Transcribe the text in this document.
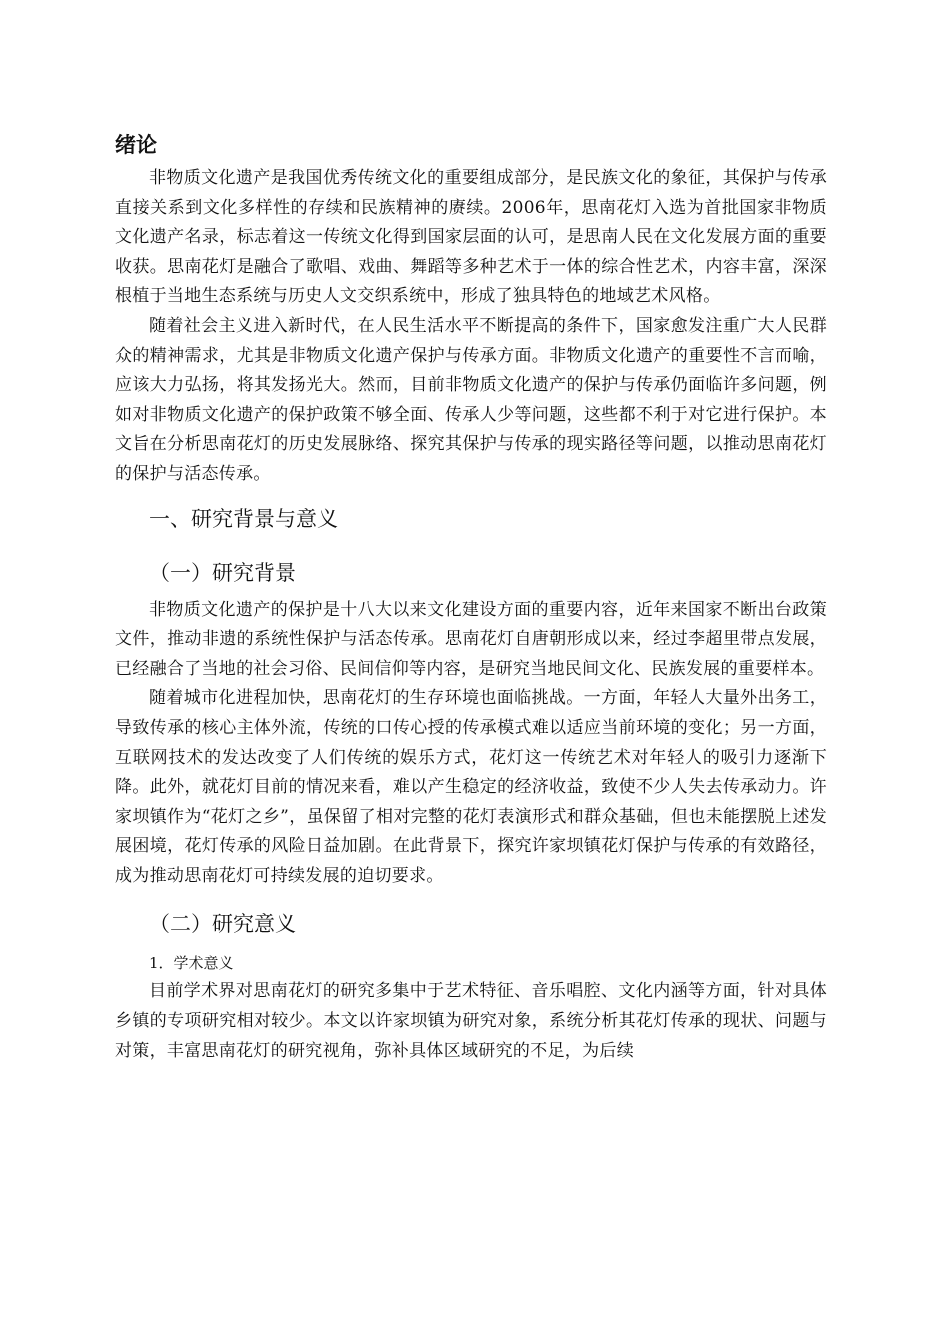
绪论

非物质文化遗产是我国优秀传统文化的重要组成部分，是民族文化的象征，其保护与传承直接关系到文化多样性的存续和民族精神的赓续。2006年，思南花灯入选为首批国家非物质文化遗产名录，标志着这一传统文化得到国家层面的认可，是思南人民在文化发展方面的重要收获。思南花灯是融合了歌唱、戏曲、舞蹈等多种艺术于一体的综合性艺术，内容丰富，深深根植于当地生态系统与历史人文交织系统中，形成了独具特色的地域艺术风格。

随着社会主义进入新时代，在人民生活水平不断提高的条件下，国家愈发注重广大人民群众的精神需求，尤其是非物质文化遗产保护与传承方面。非物质文化遗产的重要性不言而喻，应该大力弘扬，将其发扬光大。然而，目前非物质文化遗产的保护与传承仍面临许多问题，例如对非物质文化遗产的保护政策不够全面、传承人少等问题，这些都不利于对它进行保护。本文旨在分析思南花灯的历史发展脉络、探究其保护与传承的现实路径等问题，以推动思南花灯的保护与活态传承。

一、研究背景与意义
（一）研究背景

非物质文化遗产的保护是十八大以来文化建设方面的重要内容，近年来国家不断出台政策文件，推动非遗的系统性保护与活态传承。思南花灯自唐朝形成以来，经过李超里带点发展，已经融合了当地的社会习俗、民间信仰等内容，是研究当地民间文化、民族发展的重要样本。

随着城市化进程加快，思南花灯的生存环境也面临挑战。一方面，年轻人大量外出务工，导致传承的核心主体外流，传统的口传心授的传承模式难以适应当前环境的变化；另一方面，互联网技术的发达改变了人们传统的娱乐方式，花灯这一传统艺术对年轻人的吸引力逐渐下降。此外，就花灯目前的情况来看，难以产生稳定的经济收益，致使不少人失去传承动力。许家坝镇作为“花灯之乡”，虽保留了相对完整的花灯表演形式和群众基础，但也未能摆脱上述发展困境，花灯传承的风险日益加剧。在此背景下，探究许家坝镇花灯保护与传承的有效路径，成为推动思南花灯可持续发展的迫切要求。

（二）研究意义
1．学术意义

目前学术界对思南花灯的研究多集中于艺术特征、音乐唱腔、文化内涵等方面，针对具体乡镇的专项研究相对较少。本文以许家坝镇为研究对象，系统分析其花灯传承的现状、问题与对策，丰富思南花灯的研究视角，弥补具体区域研究的不足，为后续
